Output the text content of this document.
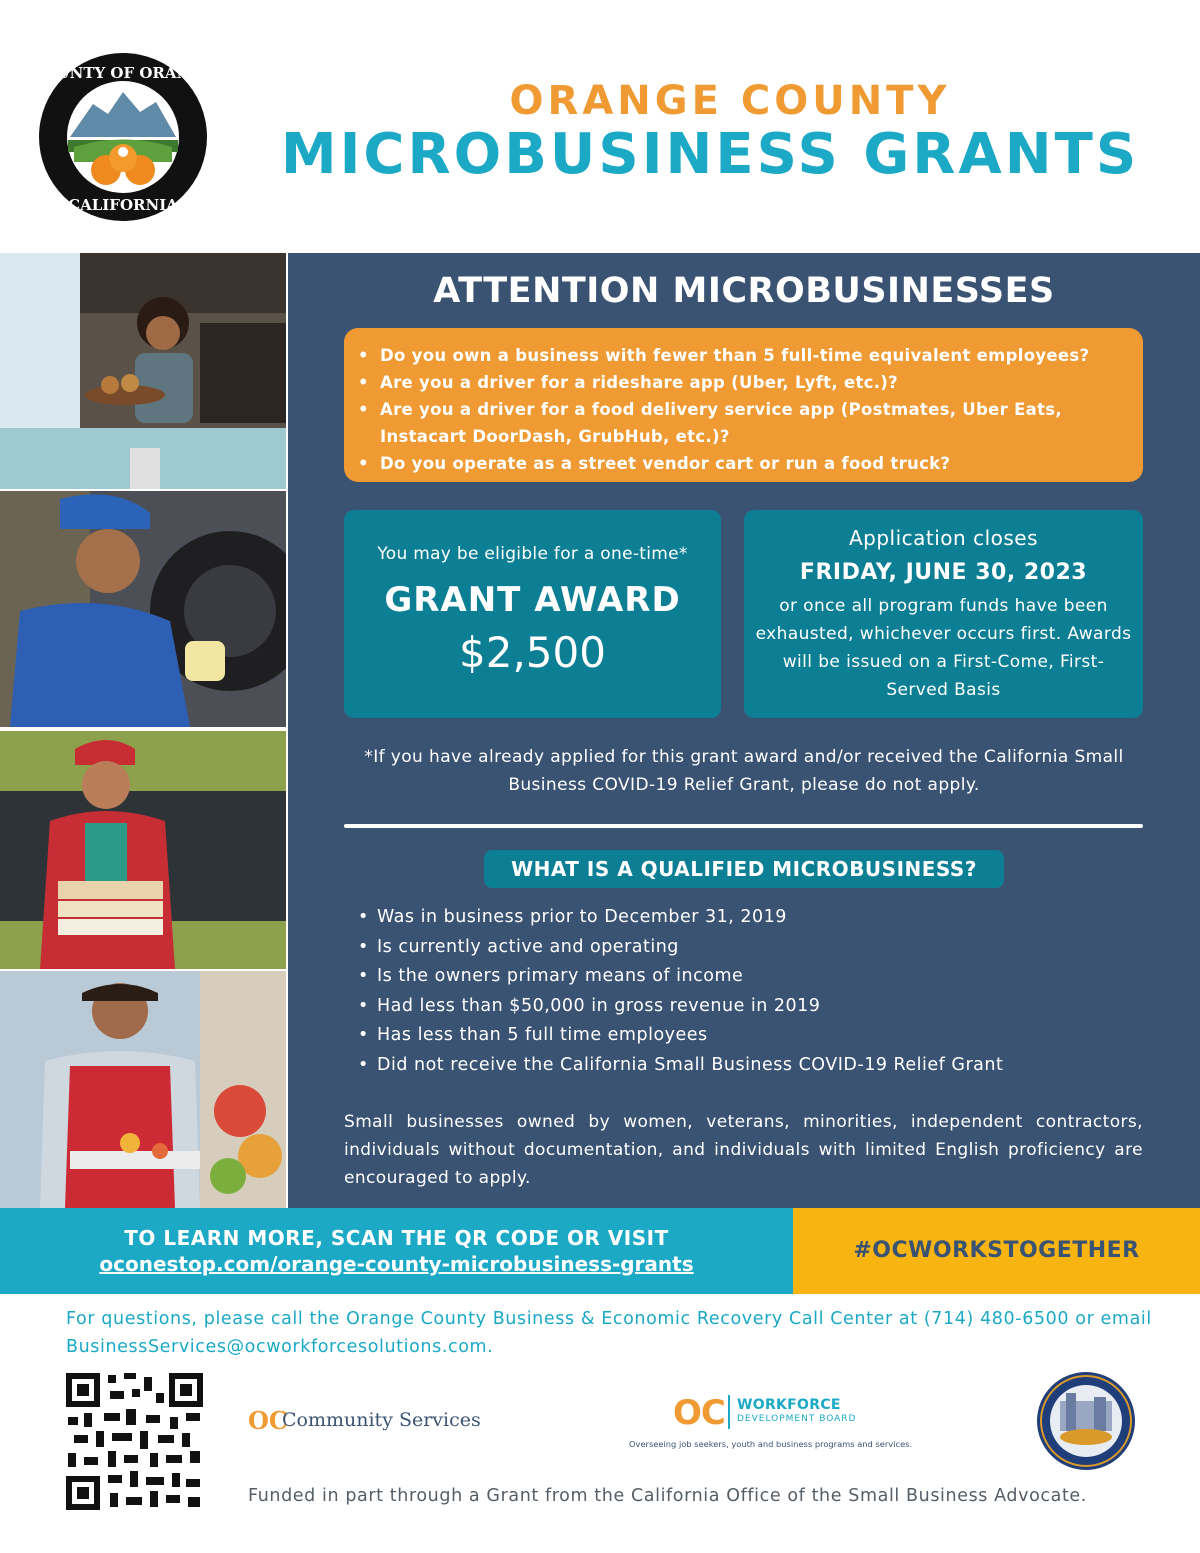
COUNTY OF ORANGE
CALIFORNIA
ORANGE COUNTY
MICROBUSINESS GRANTS
ATTENTION MICROBUSINESSES
• Do you own a business with fewer than 5 full-time equivalent employees?
• Are you a driver for a rideshare app (Uber, Lyft, etc.)?
• Are you a driver for a food delivery service app (Postmates, Uber Eats, Instacart DoorDash, GrubHub, etc.)?
• Do you operate as a street vendor cart or run a food truck?
You may be eligible for a one-time*
GRANT AWARD
$2,500
Application closes
FRIDAY, JUNE 30, 2023
or once all program funds have been exhausted, whichever occurs first. Awards will be issued on a First-Come, First-Served Basis
*If you have already applied for this grant award and/or received the California Small Business COVID-19 Relief Grant, please do not apply.
WHAT IS A QUALIFIED MICROBUSINESS?
• Was in business prior to December 31, 2019
• Is currently active and operating
• Is the owners primary means of income
• Had less than $50,000 in gross revenue in 2019
• Has less than 5 full time employees
• Did not receive the California Small Business COVID-19 Relief Grant
Small businesses owned by women, veterans, minorities, independent contractors, individuals without documentation, and individuals with limited English proficiency are encouraged to apply.
TO LEARN MORE, SCAN THE QR CODE OR VISIT
oconestop.com/orange-county-microbusiness-grants
#OCWORKSTOGETHER
For questions, please call the Orange County Business & Economic Recovery Call Center at (714) 480-6500 or email BusinessServices@ocworkforcesolutions.com.
OC
Community Services	OC WORKFORCE
DEVELOPMENT BOARD
Overseeing job seekers, youth and business programs and services.
Funded in part through a Grant from the California Office of the Small Business Advocate.
